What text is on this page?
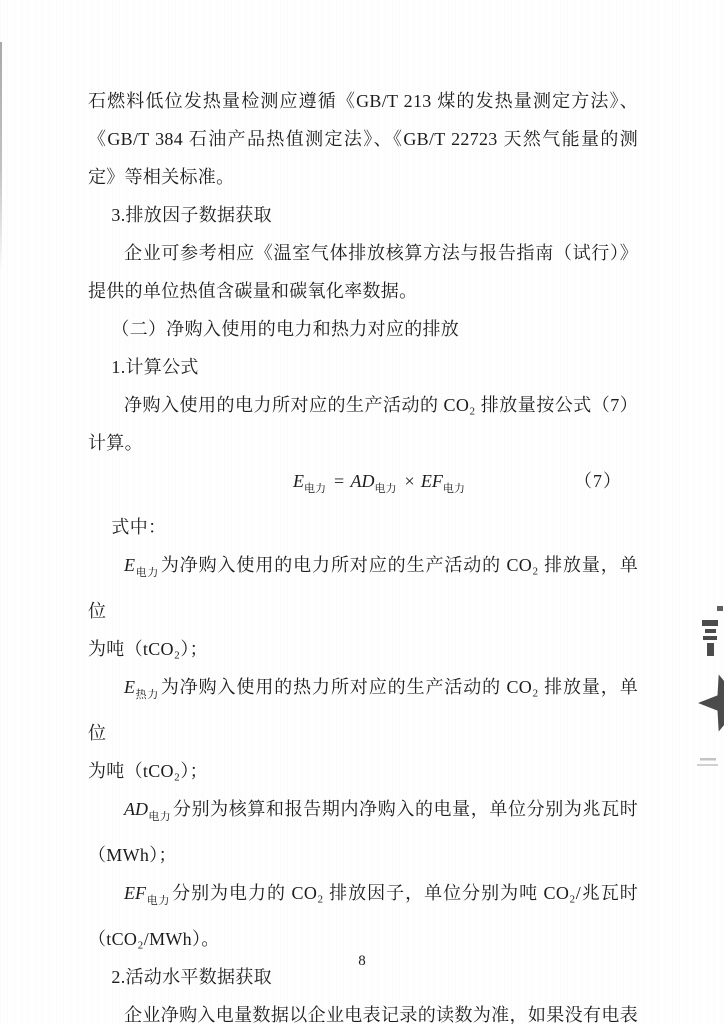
石燃料低位发热量检测应遵循《GB/T 213 煤的发热量测定方法》、
《GB/T 384 石油产品热值测定法》、《GB/T 22723 天然气能量的测
定》等相关标准。
3.排放因子数据获取
企业可参考相应《温室气体排放核算方法与报告指南（试行）》
提供的单位热值含碳量和碳氧化率数据。
（二）净购入使用的电力和热力对应的排放
1.计算公式
净购入使用的电力所对应的生产活动的 CO₂ 排放量按公式（7）
计算。
$E_{电力} = AD_{电力} \times EF_{电力}$	（7）
式中：
$E_{电力}$ 为净购入使用的电力所对应的生产活动的 CO₂ 排放量，单位
为吨（tCO₂）；
$E_{热力}$ 为净购入使用的热力所对应的生产活动的 CO₂ 排放量，单位
为吨（tCO₂）；
$AD_{电力}$ 分别为核算和报告期内净购入的电量，单位分别为兆瓦时
（MWh）；
$EF_{电力}$ 分别为电力的 CO₂ 排放因子，单位分别为吨 CO₂/兆瓦时
（tCO₂/MWh）。
2.活动水平数据获取
企业净购入电量数据以企业电表记录的读数为准，如果没有电表
8
